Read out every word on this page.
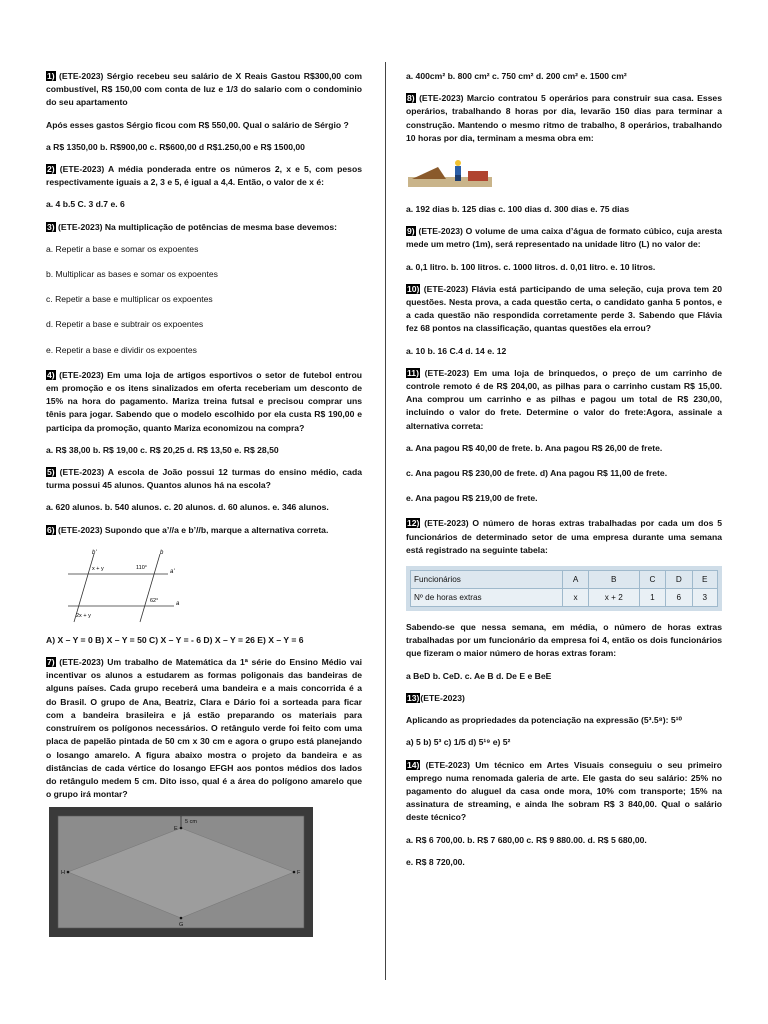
1) (ETE-2023) Sérgio recebeu seu salário de X Reais Gastou R$300,00 com combustível, R$ 150,00 com conta de luz e 1/3 do salario com o condominio do seu apartamento

Após esses gastos Sérgio ficou com R$ 550,00. Qual o salário de Sérgio ?

a R$ 1350,00 b. R$900,00 c. R$600,00 d R$1.250,00 e R$ 1500,00

2) (ETE-2023) A média ponderada entre os números 2, x e 5, com pesos respectivamente iguais a 2, 3 e 5, é igual a 4,4. Então, o valor de x é:

a. 4 b.5 C. 3 d.7 e. 6

3) (ETE-2023) Na multiplicação de potências de mesma base devemos:

a. Repetir a base e somar os expoentes

b. Multiplicar as bases e somar os expoentes

c. Repetir a base e multiplicar os expoentes

d. Repetir a base e subtrair os expoentes

e. Repetir a base e dividir os expoentes

4) (ETE-2023) Em uma loja de artigos esportivos o setor de futebol entrou em promoção e os itens sinalizados em oferta receberiam um desconto de 15% na hora do pagamento. Mariza treina futsal e precisou comprar uns tênis para jogar. Sabendo que o modelo escolhido por ela custa R$ 190,00 e participa da promoção, quanto Mariza economizou na compra?

a. R$ 38,00 b. R$ 19,00 c. R$ 20,25 d. R$ 13,50 e. R$ 28,50

5) (ETE-2023) A escola de João possui 12 turmas do ensino médio, cada turma possui 45 alunos. Quantos alunos há na escola?

a. 620 alunos. b. 540 alunos. c. 20 alunos. d. 60 alunos. e. 346 alunos.

6) (ETE-2023) Supondo que a’//a e b’//b, marque a alternativa correta.

b'	b
a'
a
x + y	110°
62°
2x + y

A) X – Y = 0 B) X – Y = 50 C) X – Y = - 6 D) X – Y = 26 E) X – Y = 6

7) (ETE-2023) Um trabalho de Matemática da 1ª série do Ensino Médio vai incentivar os alunos a estudarem as formas poligonais das bandeiras de alguns países. Cada grupo receberá uma bandeira e a mais concorrida é a do Brasil. O grupo de Ana, Beatriz, Clara e Dário foi a sorteada para ficar com a bandeira brasileira e já estão preparando os materiais para construírem os polígonos necessários. O retângulo verde foi feito com uma placa de papelão pintada de 50 cm x 30 cm e agora o grupo está planejando o losango amarelo. A figura abaixo mostra o projeto da bandeira e as distâncias de cada vértice do losango EFGH aos pontos médios dos lados do retângulo medem 5 cm. Dito isso, qual é a área do polígono amarelo que o grupo irá montar?

5 cm
E
F
G
H

a. 400cm² b. 800 cm² c. 750 cm² d. 200 cm² e. 1500 cm²

8) (ETE-2023) Marcio contratou 5 operários para construir sua casa. Esses operários, trabalhando 8 horas por dia, levarão 150 dias para terminar a construção. Mantendo o mesmo ritmo de trabalho, 8 operários, trabalhando 10 horas por dia, terminam a mesma obra em:

a. 192 dias b. 125 dias c. 100 dias d. 300 dias e. 75 dias

9) (ETE-2023) O volume de uma caixa d’água de formato cúbico, cuja aresta mede um metro (1m), será representado na unidade litro (L) no valor de:

a. 0,1 litro. b. 100 litros. c. 1000 litros. d. 0,01 litro. e. 10 litros.

10) (ETE-2023) Flávia está participando de uma seleção, cuja prova tem 20 questões. Nesta prova, a cada questão certa, o candidato ganha 5 pontos, e a cada questão não respondida corretamente perde 3. Sabendo que Flávia fez 68 pontos na classificação, quantas questões ela errou?

a. 10 b. 16 C.4 d. 14 e. 12

11) (ETE-2023) Em uma loja de brinquedos, o preço de um carrinho de controle remoto é de R$ 204,00, as pilhas para o carrinho custam R$ 15,00. Ana comprou um carrinho e as pilhas e pagou um total de R$ 230,00, incluindo o valor do frete. Determine o valor do frete:Agora, assinale a alternativa correta:

a. Ana pagou R$ 40,00 de frete. b. Ana pagou R$ 26,00 de frete.

c. Ana pagou R$ 230,00 de frete. d) Ana pagou R$ 11,00 de frete.

e. Ana pagou R$ 219,00 de frete.

12) (ETE-2023) O número de horas extras trabalhadas por cada um dos 5 funcionários de determinado setor de uma empresa durante uma semana está registrado na seguinte tabela:

Funcionários	A	B	C	D	E
Nº de horas extras	x	x + 2	1	6	3

Sabendo-se que nessa semana, em média, o número de horas extras trabalhadas por um funcionário da empresa foi 4, então os dois funcionários que fizeram o maior número de horas extras foram:

a BeD b. CeD. c. Ae B d. De E e BeE

13)(ETE-2023)

Aplicando as propriedades da potenciação na expressão (5³.5⁸): 5¹⁰

a) 5 b) 5³ c) 1/5 d) 5¹⁹ e) 5²

14) (ETE-2023) Um técnico em Artes Visuais conseguiu o seu primeiro emprego numa renomada galeria de arte. Ele gasta do seu salário: 25% no pagamento do aluguel da casa onde mora, 10% com transporte; 15% na assinatura de streaming, e ainda lhe sobram R$ 3 840,00. Qual o salário deste técnico?

a. R$ 6 700,00. b. R$ 7 680,00 c. R$ 9 880.00. d. R$ 5 680,00.

e. R$ 8 720,00.
